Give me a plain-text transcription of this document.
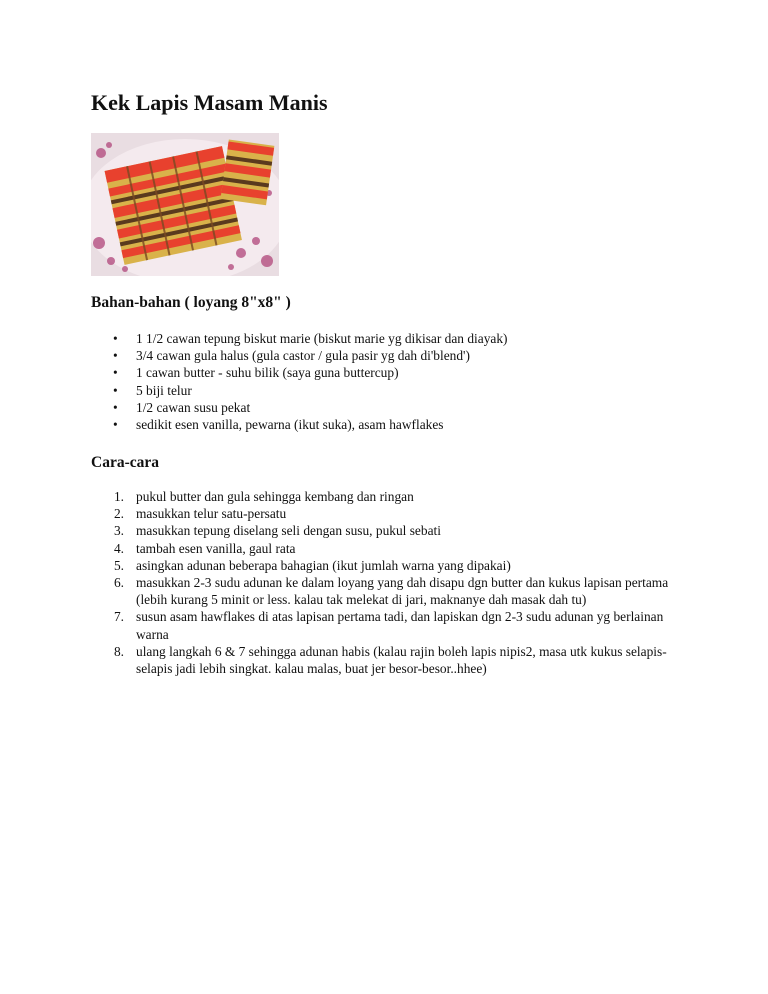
Kek Lapis Masam Manis
Bahan-bahan ( loyang 8"x8" )
• 1 1/2 cawan tepung biskut marie (biskut marie yg dikisar dan diayak)
• 3/4 cawan gula halus (gula castor / gula pasir yg dah di'blend')
• 1 cawan butter - suhu bilik (saya guna buttercup)
• 5 biji telur
• 1/2 cawan susu pekat
• sedikit esen vanilla, pewarna (ikut suka), asam hawflakes
Cara-cara
1. pukul butter dan gula sehingga kembang dan ringan
2. masukkan telur satu-persatu
3. masukkan tepung diselang seli dengan susu, pukul sebati
4. tambah esen vanilla, gaul rata
5. asingkan adunan beberapa bahagian (ikut jumlah warna yang dipakai)
6. masukkan 2-3 sudu adunan ke dalam loyang yang dah disapu dgn butter dan kukus lapisan pertama (lebih kurang 5 minit or less. kalau tak melekat di jari, maknanye dah masak dah tu)
7. susun asam hawflakes di atas lapisan pertama tadi, dan lapiskan dgn 2-3 sudu adunan yg berlainan warna
8. ulang langkah 6 & 7 sehingga adunan habis (kalau rajin boleh lapis nipis2, masa utk kukus selapis-selapis jadi lebih singkat. kalau malas, buat jer besor-besor..hhee)
